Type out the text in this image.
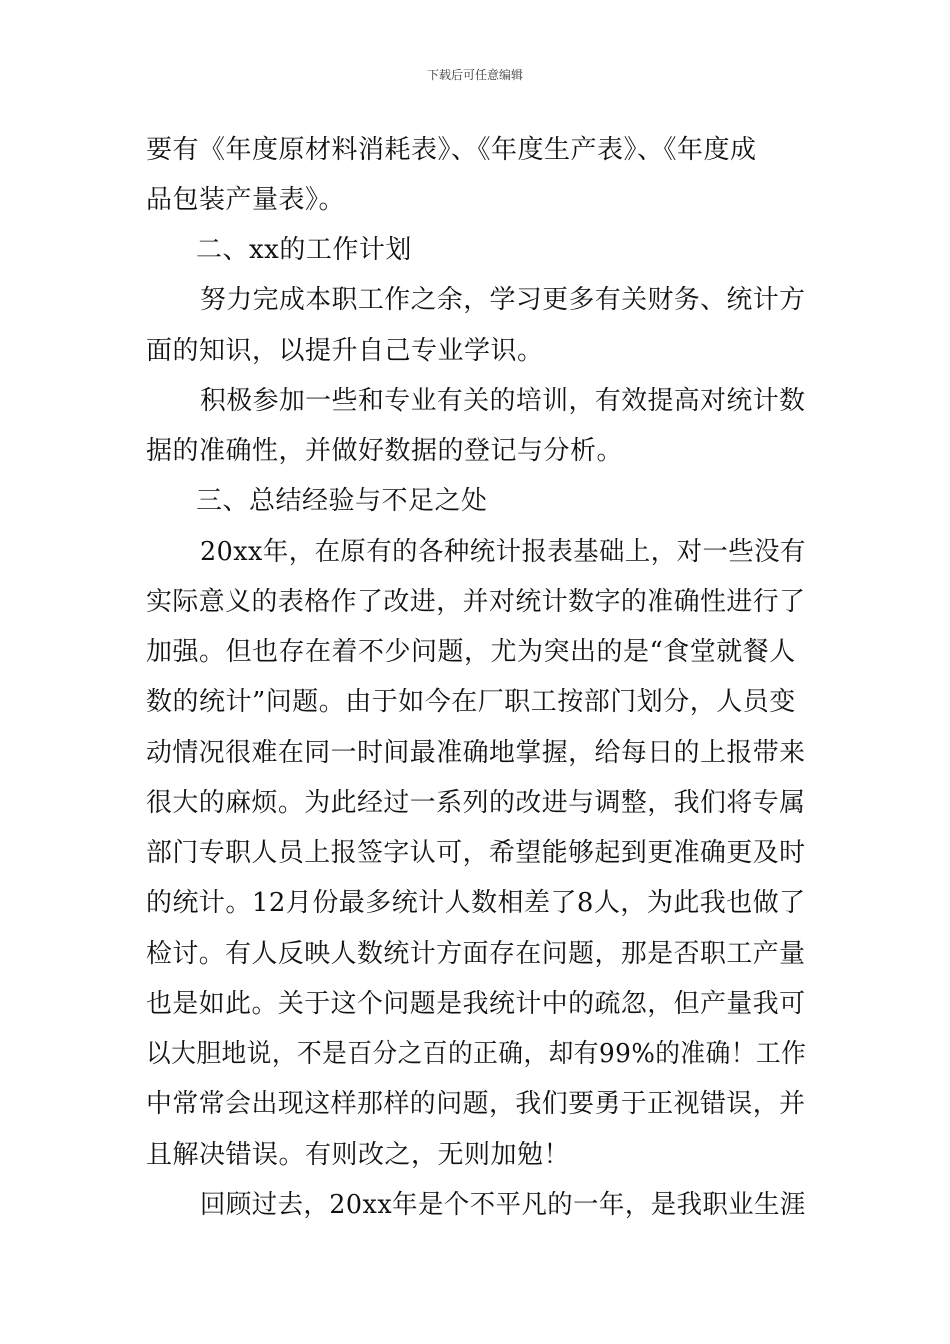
下载后可任意编辑
要有《年度原材料消耗表》、《年度生产表》、《年度成
品包装产量表》。
二、xx的工作计划
努力完成本职工作之余，学习更多有关财务、统计方
面的知识，以提升自己专业学识。
积极参加一些和专业有关的培训，有效提高对统计数
据的准确性，并做好数据的登记与分析。
三、总结经验与不足之处
20xx年，在原有的各种统计报表基础上，对一些没有
实际意义的表格作了改进，并对统计数字的准确性进行了
加强。但也存在着不少问题，尤为突出的是“食堂就餐人
数的统计”问题。由于如今在厂职工按部门划分，人员变
动情况很难在同一时间最准确地掌握，给每日的上报带来
很大的麻烦。为此经过一系列的改进与调整，我们将专属
部门专职人员上报签字认可，希望能够起到更准确更及时
的统计。12月份最多统计人数相差了8人，为此我也做了
检讨。有人反映人数统计方面存在问题，那是否职工产量
也是如此。关于这个问题是我统计中的疏忽，但产量我可
以大胆地说，不是百分之百的正确，却有99%的准确！工作
中常常会出现这样那样的问题，我们要勇于正视错误，并
且解决错误。有则改之，无则加勉！
回顾过去，20xx年是个不平凡的一年，是我职业生涯
